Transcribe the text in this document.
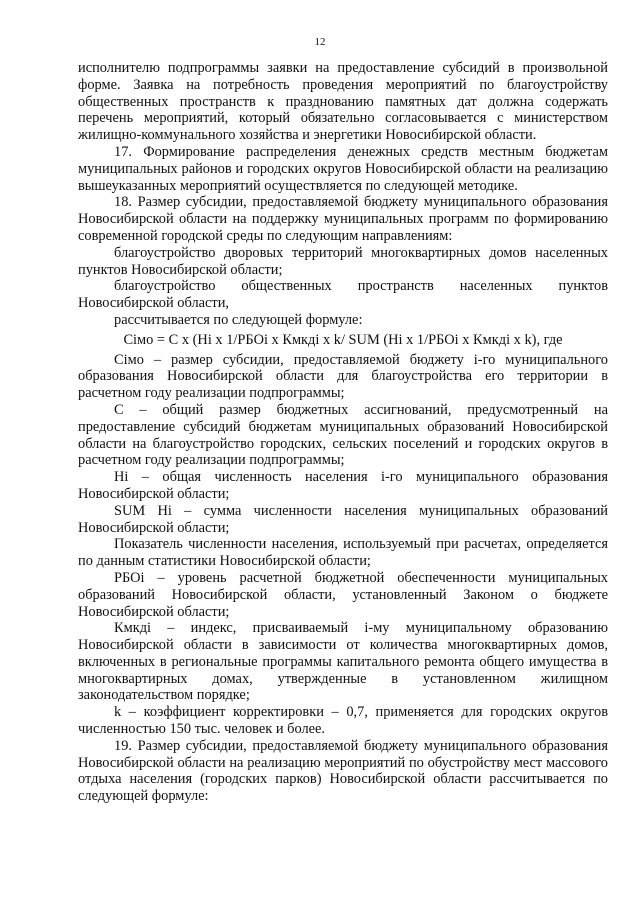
12

исполнителю подпрограммы заявки на предоставление субсидий в произвольной форме. Заявка на потребность проведения мероприятий по благоустройству общественных пространств к празднованию памятных дат должна содержать перечень мероприятий, который обязательно согласовывается с министерством жилищно-коммунального хозяйства и энергетики Новосибирской области.

17. Формирование распределения денежных средств местным бюджетам муниципальных районов и городских округов Новосибирской области на реализацию вышеуказанных мероприятий осуществляется по следующей методике.

18. Размер субсидии, предоставляемой бюджету муниципального образования Новосибирской области на поддержку муниципальных программ по формированию современной городской среды по следующим направлениям:

благоустройство дворовых территорий многоквартирных домов населенных пунктов Новосибирской области;

благоустройство общественных пространств населенных пунктов Новосибирской области,

рассчитывается по следующей формуле:

Сімо = С x (Нi x 1/РБОi x Кмкдi x k/ SUM (Нi x 1/РБОi x Кмкдi x k), где

Сімо – размер субсидии, предоставляемой бюджету і-го муниципального образования Новосибирской области для благоустройства его территории в расчетном году реализации подпрограммы;

С – общий размер бюджетных ассигнований, предусмотренный на предоставление субсидий бюджетам муниципальных образований Новосибирской области на благоустройство городских, сельских поселений и городских округов в расчетном году реализации подпрограммы;

Нi – общая численность населения і-го муниципального образования Новосибирской области;

SUM Нi – сумма численности населения муниципальных образований Новосибирской области;

Показатель численности населения, используемый при расчетах, определяется по данным статистики Новосибирской области;

РБОi – уровень расчетной бюджетной обеспеченности муниципальных образований Новосибирской области, установленный Законом о бюджете Новосибирской области;

Кмкдi – индекс, присваиваемый і-му муниципальному образованию Новосибирской области в зависимости от количества многоквартирных домов, включенных в региональные программы капитального ремонта общего имущества в многоквартирных домах, утвержденные в установленном жилищном законодательством порядке;

k – коэффициент корректировки – 0,7, применяется для городских округов численностью 150 тыс. человек и более.

19. Размер субсидии, предоставляемой бюджету муниципального образования Новосибирской области на реализацию мероприятий по обустройству мест массового отдыха населения (городских парков) Новосибирской области рассчитывается по следующей формуле:
